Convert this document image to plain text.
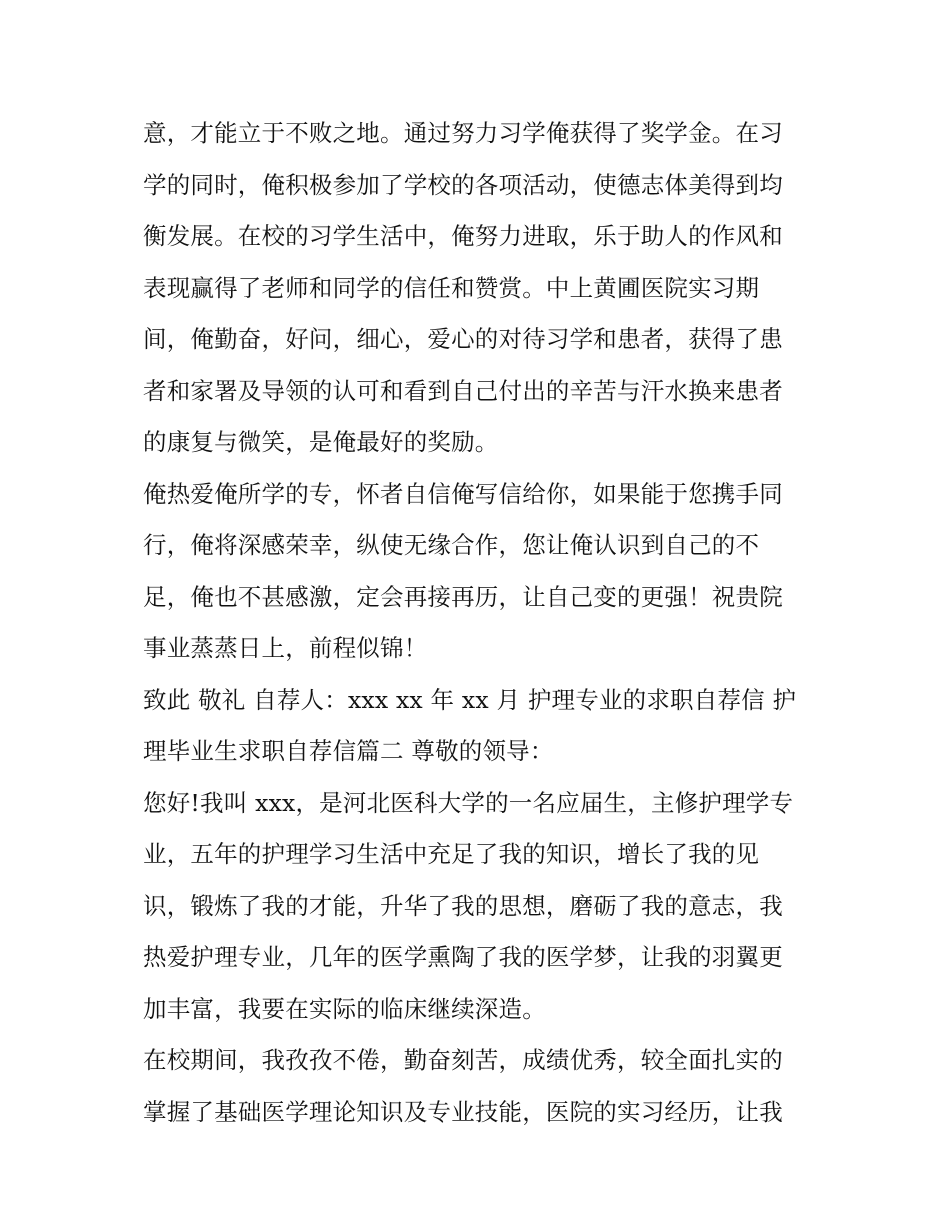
意，才能立于不败之地。通过努力习学俺获得了奖学金。在习
学的同时，俺积极参加了学校的各项活动，使德志体美得到均
衡发展。在校的习学生活中，俺努力进取，乐于助人的作风和
表现赢得了老师和同学的信任和赞赏。中上黄圃医院实习期
间，俺勤奋，好问，细心，爱心的对待习学和患者，获得了患
者和家署及导领的认可和看到自己付出的辛苦与汗水换来患者
的康复与微笑，是俺最好的奖励。
俺热爱俺所学的专，怀者自信俺写信给你，如果能于您携手同
行，俺将深感荣幸，纵使无缘合作，您让俺认识到自己的不
足，俺也不甚感激，定会再接再历，让自己变的更强！祝贵院
事业蒸蒸日上，前程似锦！
致此 敬礼 自荐人：xxx xx 年 xx 月 护理专业的求职自荐信 护
理毕业生求职自荐信篇二 尊敬的领导：
您好!我叫 xxx，是河北医科大学的一名应届生，主修护理学专
业，五年的护理学习生活中充足了我的知识，增长了我的见
识，锻炼了我的才能，升华了我的思想，磨砺了我的意志，我
热爱护理专业，几年的医学熏陶了我的医学梦，让我的羽翼更
加丰富，我要在实际的临床继续深造。
在校期间，我孜孜不倦，勤奋刻苦，成绩优秀，较全面扎实的
掌握了基础医学理论知识及专业技能，医院的实习经历，让我
